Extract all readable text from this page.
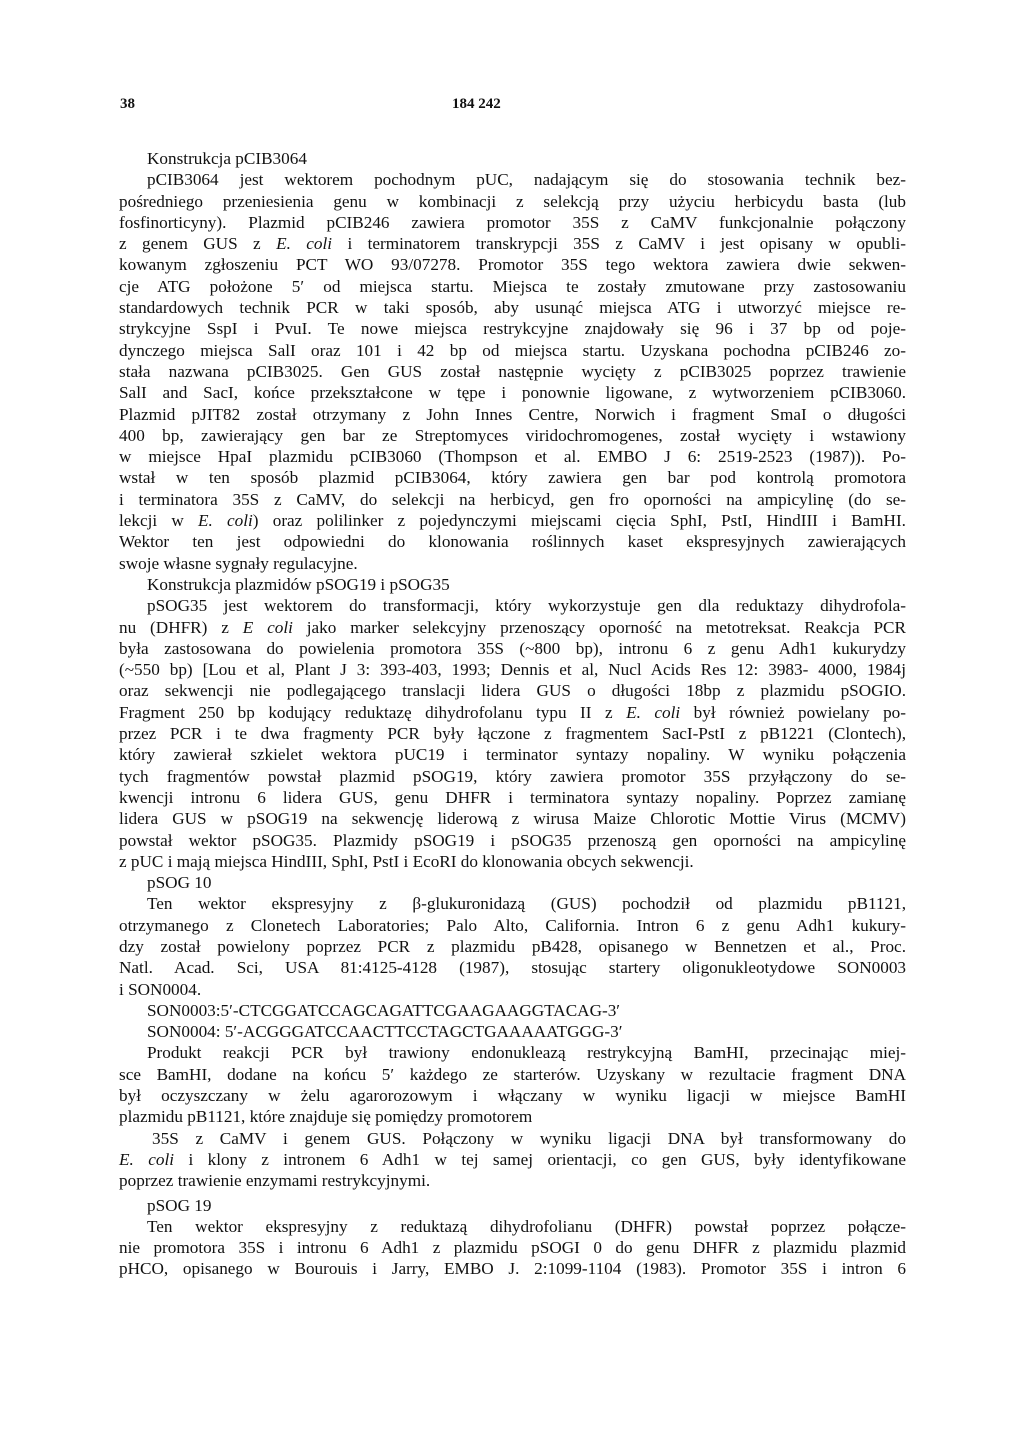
38	184 242
Konstrukcja pCIB3064
pCIB3064 jest wektorem pochodnym pUC, nadającym się do stosowania technik bez-
pośredniego przeniesienia genu w kombinacji z selekcją przy użyciu herbicydu basta (lub
fosfinorticyny). Plazmid pCIB246 zawiera promotor 35S z CaMV funkcjonalnie połączony
z genem GUS z E. coli i terminatorem transkrypcji 35S z CaMV i jest opisany w opubli-
kowanym zgłoszeniu PCT WO 93/07278. Promotor 35S tego wektora zawiera dwie sekwen-
cje ATG położone 5′ od miejsca startu. Miejsca te zostały zmutowane przy zastosowaniu
standardowych technik PCR w taki sposób, aby usunąć miejsca ATG i utworzyć miejsce re-
strykcyjne SspI i PvuI. Te nowe miejsca restrykcyjne znajdowały się 96 i 37 bp od poje-
dynczego miejsca SalI oraz 101 i 42 bp od miejsca startu. Uzyskana pochodna pCIB246 zo-
stała nazwana pCIB3025. Gen GUS został następnie wycięty z pCIB3025 poprzez trawienie
SalI and SacI, końce przekształcone w tępe i ponownie ligowane, z wytworzeniem pCIB3060.
Plazmid pJIT82 został otrzymany z John Innes Centre, Norwich i fragment SmaI o długości
400 bp, zawierający gen bar ze Streptomyces viridochromogenes, został wycięty i wstawiony
w miejsce HpaI plazmidu pCIB3060 (Thompson et al. EMBO J 6: 2519-2523 (1987)). Po-
wstał w ten sposób plazmid pCIB3064, który zawiera gen bar pod kontrolą promotora
i terminatora 35S z CaMV, do selekcji na herbicyd, gen fro oporności na ampicylinę (do se-
lekcji w E. coli) oraz polilinker z pojedynczymi miejscami cięcia SphI, PstI, HindIII i BamHI.
Wektor ten jest odpowiedni do klonowania roślinnych kaset ekspresyjnych zawierających
swoje własne sygnały regulacyjne.
Konstrukcja plazmidów pSOG19 i pSOG35
pSOG35 jest wektorem do transformacji, który wykorzystuje gen dla reduktazy dihydrofola-
nu (DHFR) z E coli jako marker selekcyjny przenoszący oporność na metotreksat. Reakcja PCR
była zastosowana do powielenia promotora 35S (~800 bp), intronu 6 z genu Adh1 kukurydzy
(~550 bp) [Lou et al, Plant J 3: 393-403, 1993; Dennis et al, Nucl Acids Res 12: 3983- 4000, 1984j
oraz sekwencji nie podlegającego translacji lidera GUS o długości 18bp z plazmidu pSOGIO.
Fragment 250 bp kodujący reduktazę dihydrofolanu typu II z E. coli był również powielany po-
przez PCR i te dwa fragmenty PCR były łączone z fragmentem SacI-PstI z pB1221 (Clontech),
który zawierał szkielet wektora pUC19 i terminator syntazy nopaliny. W wyniku połączenia
tych fragmentów powstał plazmid pSOG19, który zawiera promotor 35S przyłączony do se-
kwencji intronu 6 lidera GUS, genu DHFR i terminatora syntazy nopaliny. Poprzez zamianę
lidera GUS w pSOG19 na sekwencję liderową z wirusa Maize Chlorotic Mottie Virus (MCMV)
powstał wektor pSOG35. Plazmidy pSOG19 i pSOG35 przenoszą gen oporności na ampicylinę
z pUC i mają miejsca HindIII, SphI, PstI i EcoRI do klonowania obcych sekwencji.
pSOG 10
Ten wektor ekspresyjny z β-glukuronidazą (GUS) pochodził od plazmidu pB1121,
otrzymanego z Clonetech Laboratories; Palo Alto, California. Intron 6 z genu Adh1 kukury-
dzy został powielony poprzez PCR z plazmidu pB428, opisanego w Bennetzen et al., Proc.
Natl. Acad. Sci, USA 81:4125-4128 (1987), stosując startery oligonukleotydowe SON0003
i SON0004.
SON0003:5′-CTCGGATCCAGCAGATTCGAAGAAGGTACAG-3′
SON0004: 5′-ACGGGATCCAACTTCCTAGCTGAAAAATGGG-3′
Produkt reakcji PCR był trawiony endonukleazą restrykcyjną BamHI, przecinając miej-
sce BamHI, dodane na końcu 5′ każdego ze starterów. Uzyskany w rezultacie fragment DNA
był oczyszczany w żelu agarorozowym i włączany w wyniku ligacji w miejsce BamHI
plazmidu pB1121, które znajduje się pomiędzy promotorem
35S z CaMV i genem GUS. Połączony w wyniku ligacji DNA był transformowany do
E. coli i klony z intronem 6 Adh1 w tej samej orientacji, co gen GUS, były identyfikowane
poprzez trawienie enzymami restrykcyjnymi.
pSOG 19
Ten wektor ekspresyjny z reduktazą dihydrofolianu (DHFR) powstał poprzez połącze-
nie promotora 35S i intronu 6 Adh1 z plazmidu pSOGI 0 do genu DHFR z plazmidu plazmid
pHCO, opisanego w Bourouis i Jarry, EMBO J. 2:1099-1104 (1983). Promotor 35S i intron 6
